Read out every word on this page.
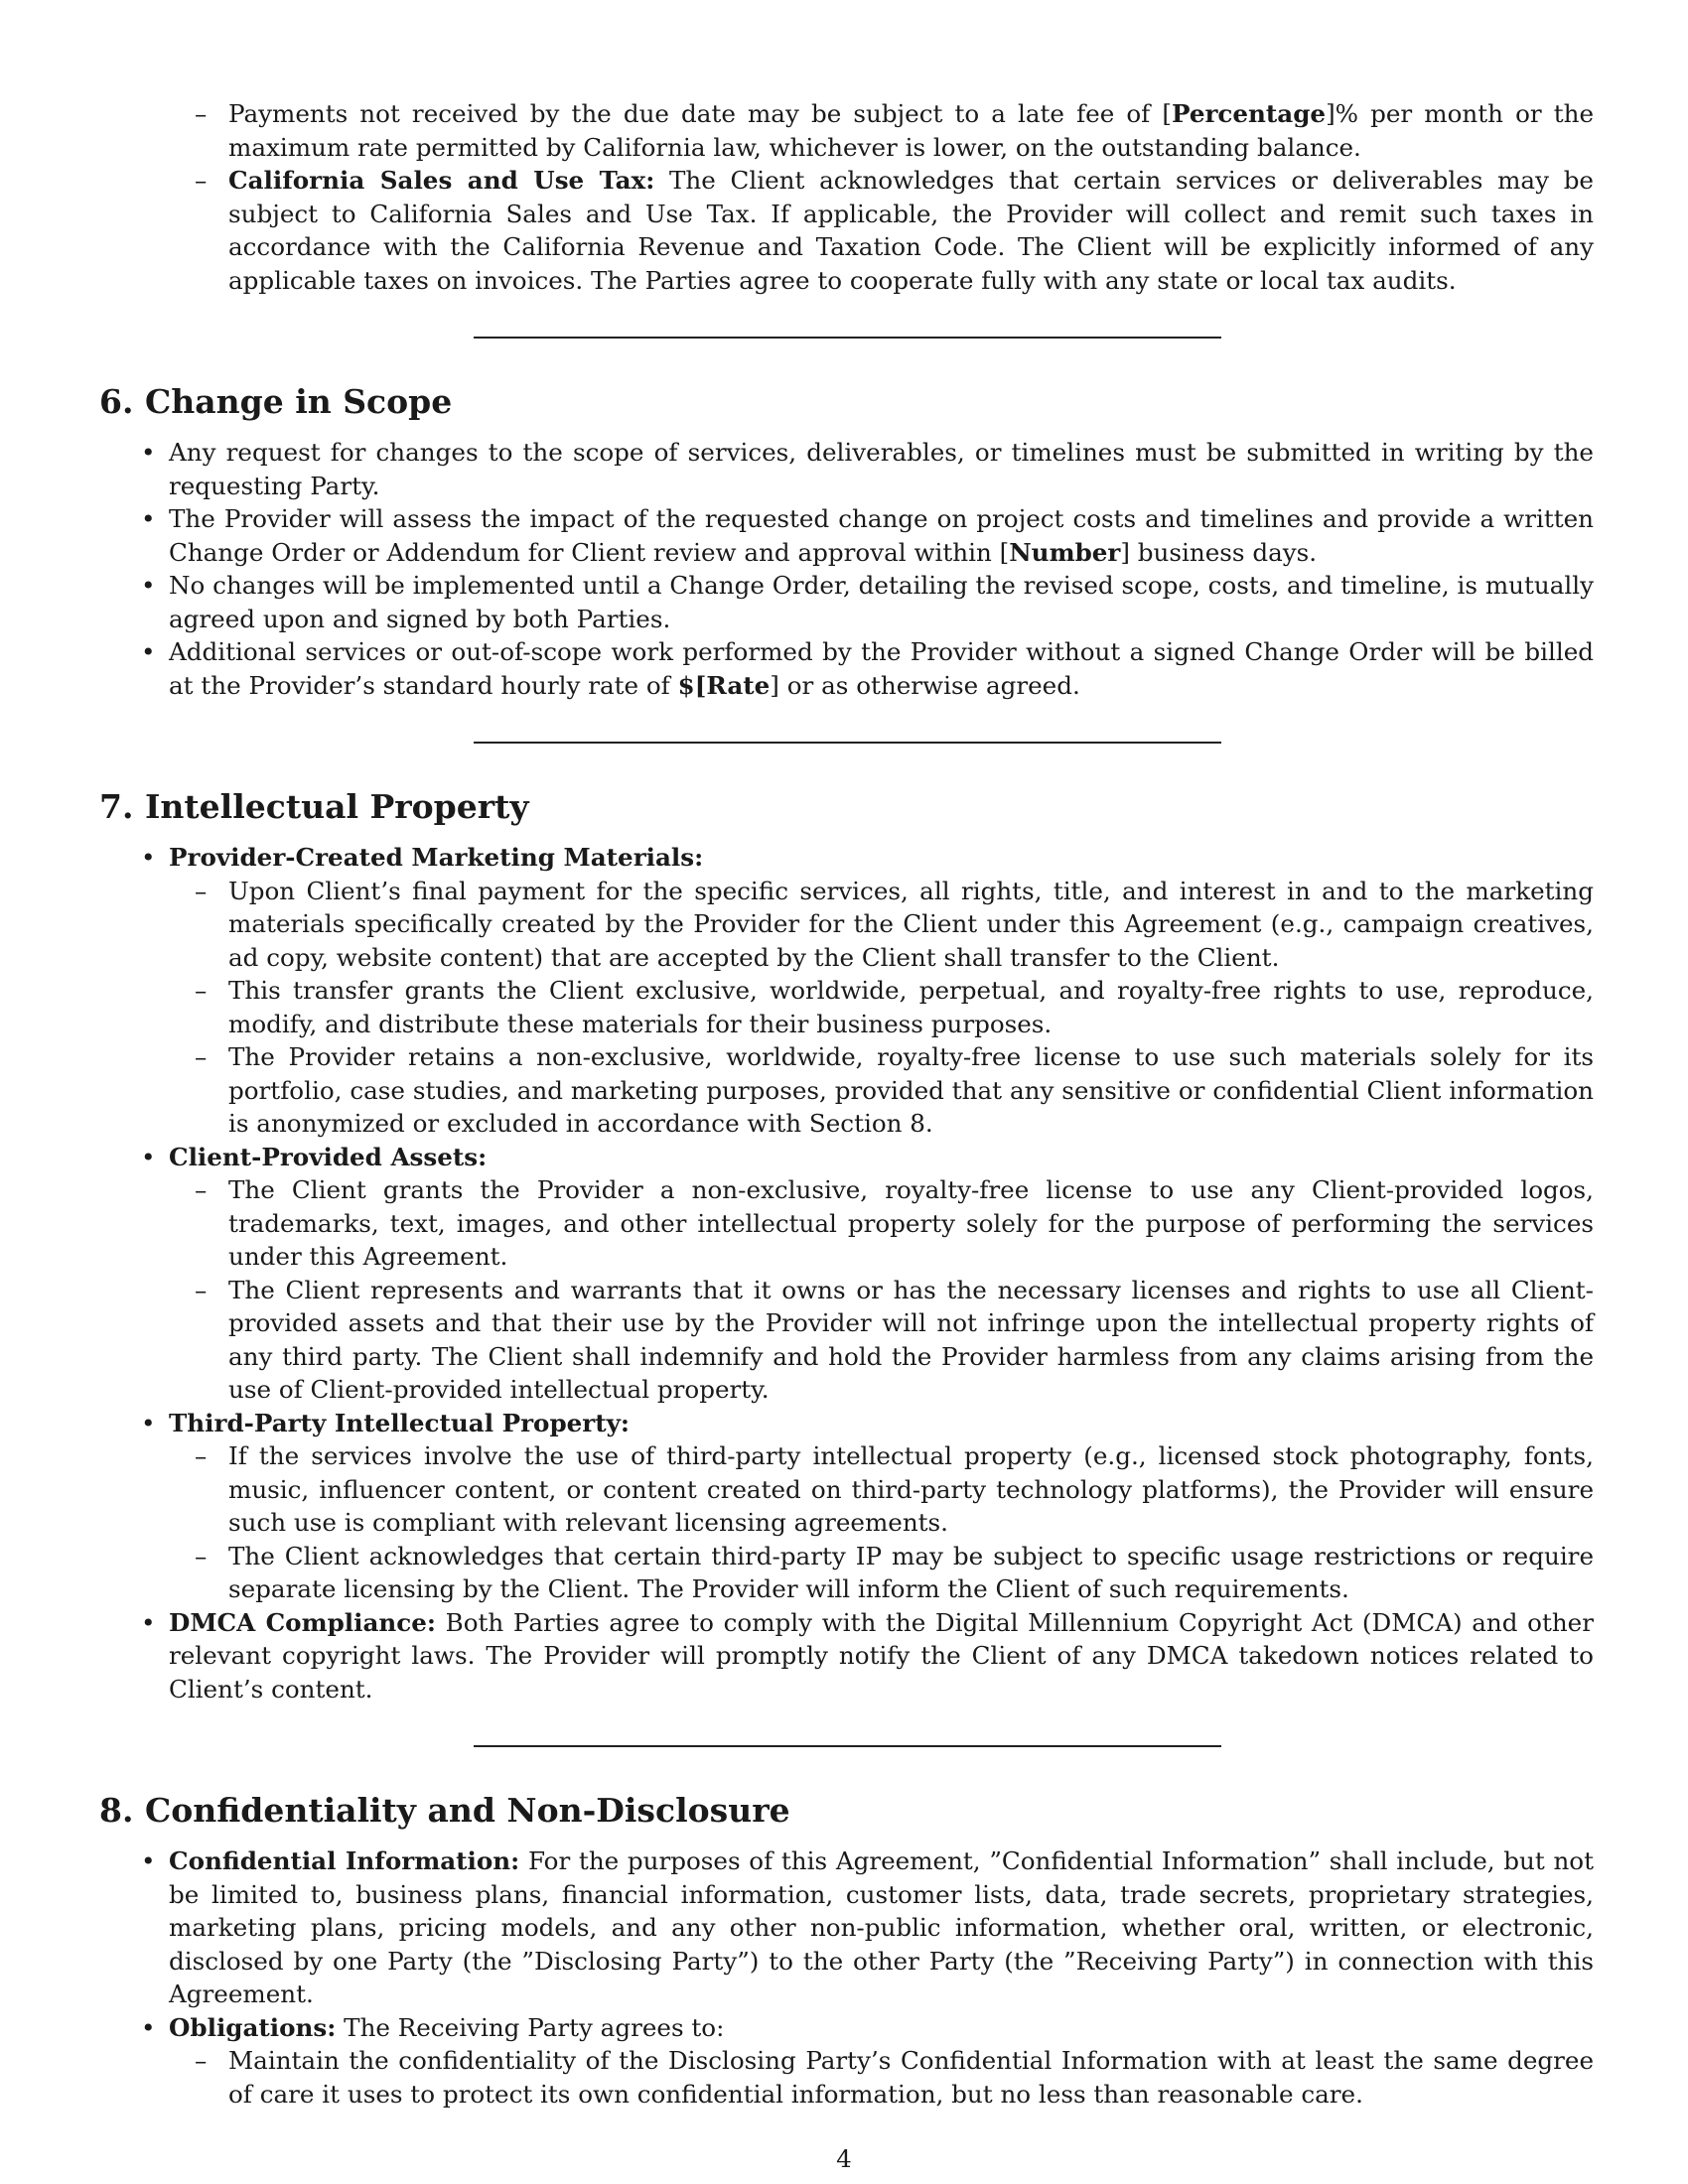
– Payments not received by the due date may be subject to a late fee of [Percentage]% per month or the maximum rate permitted by California law, whichever is lower, on the outstanding balance.
– California Sales and Use Tax: The Client acknowledges that certain services or deliverables may be subject to California Sales and Use Tax. If applicable, the Provider will collect and remit such taxes in accordance with the California Revenue and Taxation Code. The Client will be explicitly informed of any applicable taxes on invoices. The Parties agree to cooperate fully with any state or local tax audits.
6. Change in Scope
• Any request for changes to the scope of services, deliverables, or timelines must be submitted in writing by the requesting Party.
• The Provider will assess the impact of the requested change on project costs and timelines and provide a written Change Order or Addendum for Client review and approval within [Number] business days.
• No changes will be implemented until a Change Order, detailing the revised scope, costs, and timeline, is mutually agreed upon and signed by both Parties.
• Additional services or out-of-scope work performed by the Provider without a signed Change Order will be billed at the Provider’s standard hourly rate of $[Rate] or as otherwise agreed.
7. Intellectual Property
• Provider-Created Marketing Materials:
– Upon Client’s final payment for the specific services, all rights, title, and interest in and to the marketing materials specifically created by the Provider for the Client under this Agreement (e.g., campaign creatives, ad copy, website content) that are accepted by the Client shall transfer to the Client.
– This transfer grants the Client exclusive, worldwide, perpetual, and royalty-free rights to use, reproduce, modify, and distribute these materials for their business purposes.
– The Provider retains a non-exclusive, worldwide, royalty-free license to use such materials solely for its portfolio, case studies, and marketing purposes, provided that any sensitive or confidential Client information is anonymized or excluded in accordance with Section 8.
• Client-Provided Assets:
– The Client grants the Provider a non-exclusive, royalty-free license to use any Client-provided logos, trademarks, text, images, and other intellectual property solely for the purpose of performing the services under this Agreement.
– The Client represents and warrants that it owns or has the necessary licenses and rights to use all Client-provided assets and that their use by the Provider will not infringe upon the intellectual property rights of any third party. The Client shall indemnify and hold the Provider harmless from any claims arising from the use of Client-provided intellectual property.
• Third-Party Intellectual Property:
– If the services involve the use of third-party intellectual property (e.g., licensed stock photography, fonts, music, influencer content, or content created on third-party technology platforms), the Provider will ensure such use is compliant with relevant licensing agreements.
– The Client acknowledges that certain third-party IP may be subject to specific usage restrictions or require separate licensing by the Client. The Provider will inform the Client of such requirements.
• DMCA Compliance: Both Parties agree to comply with the Digital Millennium Copyright Act (DMCA) and other relevant copyright laws. The Provider will promptly notify the Client of any DMCA takedown notices related to Client’s content.
8. Confidentiality and Non-Disclosure
• Confidential Information: For the purposes of this Agreement, ”Confidential Information” shall include, but not be limited to, business plans, financial information, customer lists, data, trade secrets, proprietary strategies, marketing plans, pricing models, and any other non-public information, whether oral, written, or electronic, disclosed by one Party (the ”Disclosing Party”) to the other Party (the ”Receiving Party”) in connection with this Agreement.
• Obligations: The Receiving Party agrees to:
– Maintain the confidentiality of the Disclosing Party’s Confidential Information with at least the same degree of care it uses to protect its own confidential information, but no less than reasonable care.
4
